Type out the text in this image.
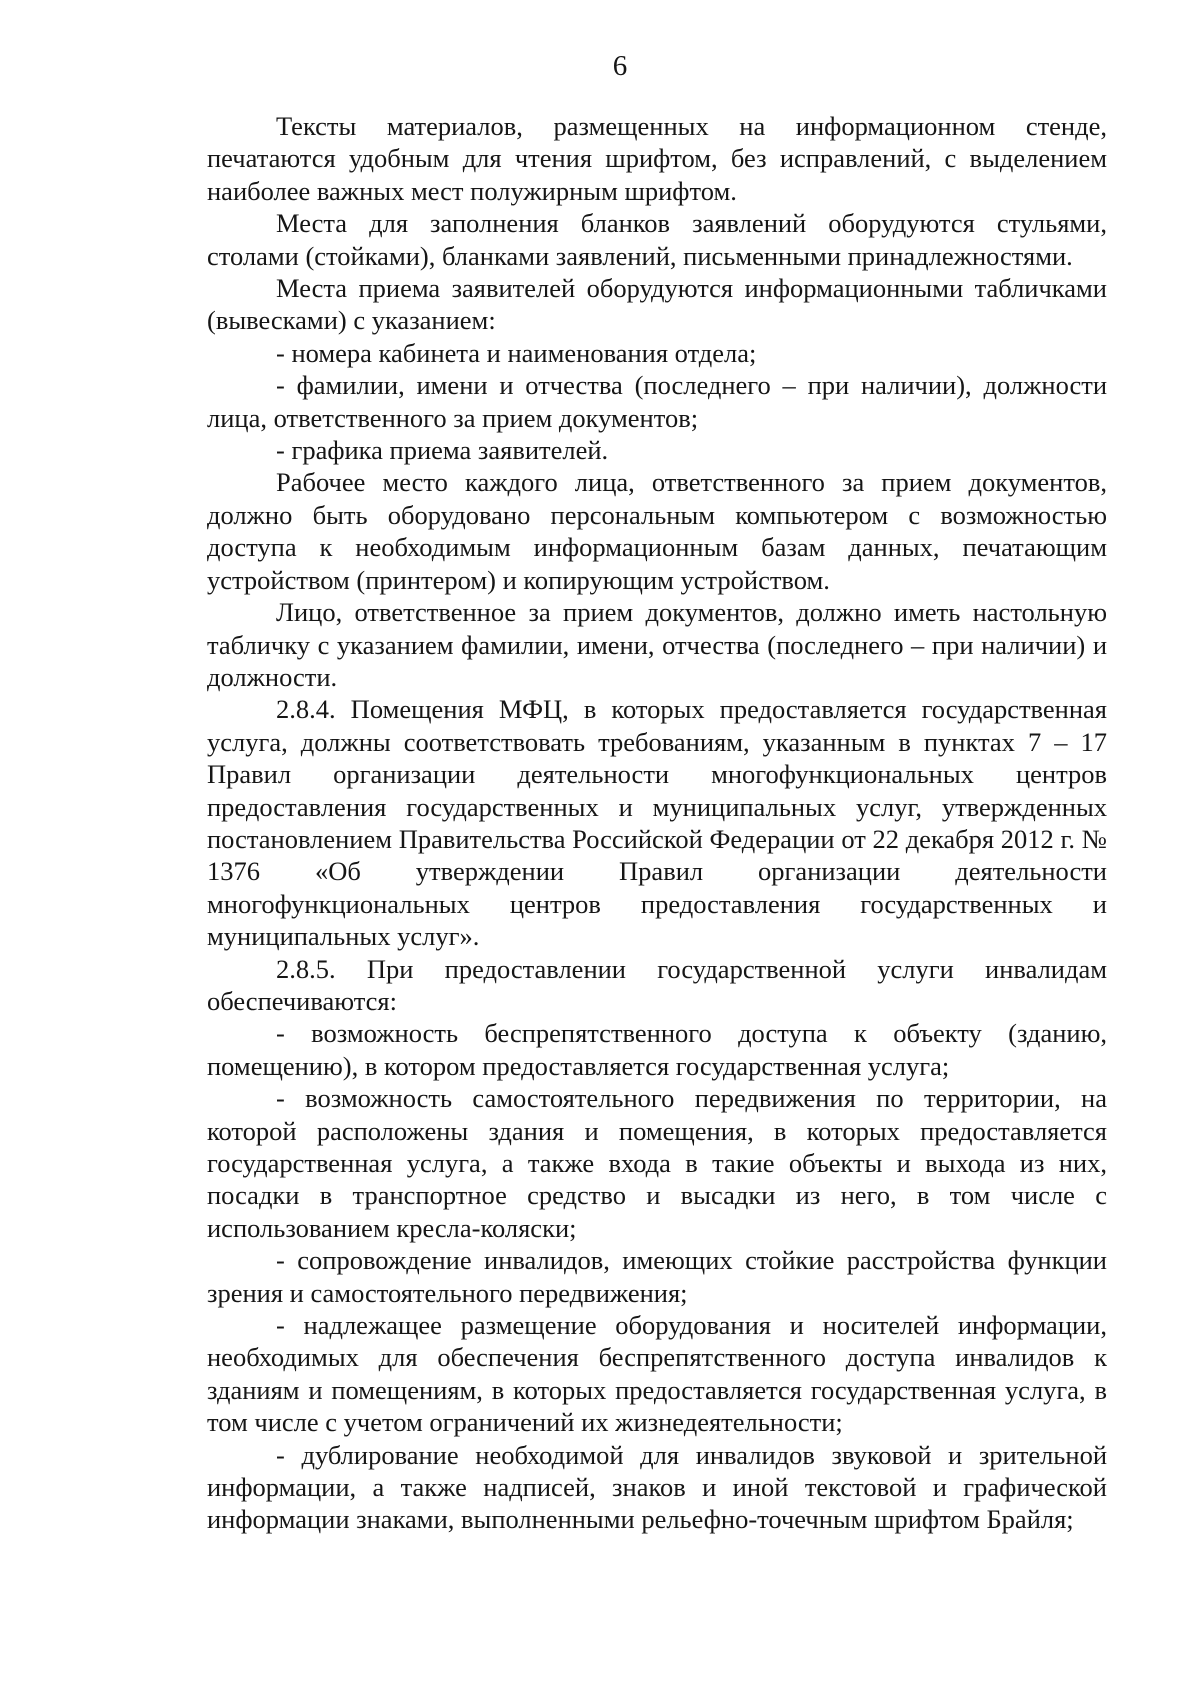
6

Тексты материалов, размещенных на информационном стенде, печатаются удобным для чтения шрифтом, без исправлений, с выделением наиболее важных мест полужирным шрифтом.

Места для заполнения бланков заявлений оборудуются стульями, столами (стойками), бланками заявлений, письменными принадлежностями.

Места приема заявителей оборудуются информационными табличками (вывесками) с указанием:

- номера кабинета и наименования отдела;

- фамилии, имени и отчества (последнего – при наличии), должности лица, ответственного за прием документов;

- графика приема заявителей.

Рабочее место каждого лица, ответственного за прием документов, должно быть оборудовано персональным компьютером с возможностью доступа к необходимым информационным базам данных, печатающим устройством (принтером) и копирующим устройством.

Лицо, ответственное за прием документов, должно иметь настольную табличку с указанием фамилии, имени, отчества (последнего – при наличии) и должности.

2.8.4. Помещения МФЦ, в которых предоставляется государственная услуга, должны соответствовать требованиям, указанным в пунктах 7 – 17 Правил организации деятельности многофункциональных центров предоставления государственных и муниципальных услуг, утвержденных постановлением Правительства Российской Федерации от 22 декабря 2012 г. № 1376 «Об утверждении Правил организации деятельности многофункциональных центров предоставления государственных и муниципальных услуг».

2.8.5. При предоставлении государственной услуги инвалидам обеспечиваются:

- возможность беспрепятственного доступа к объекту (зданию, помещению), в котором предоставляется государственная услуга;

- возможность самостоятельного передвижения по территории, на которой расположены здания и помещения, в которых предоставляется государственная услуга, а также входа в такие объекты и выхода из них, посадки в транспортное средство и высадки из него, в том числе с использованием кресла-коляски;

- сопровождение инвалидов, имеющих стойкие расстройства функции зрения и самостоятельного передвижения;

- надлежащее размещение оборудования и носителей информации, необходимых для обеспечения беспрепятственного доступа инвалидов к зданиям и помещениям, в которых предоставляется государственная услуга, в том числе с учетом ограничений их жизнедеятельности;

- дублирование необходимой для инвалидов звуковой и зрительной информации, а также надписей, знаков и иной текстовой и графической информации знаками, выполненными рельефно-точечным шрифтом Брайля;
